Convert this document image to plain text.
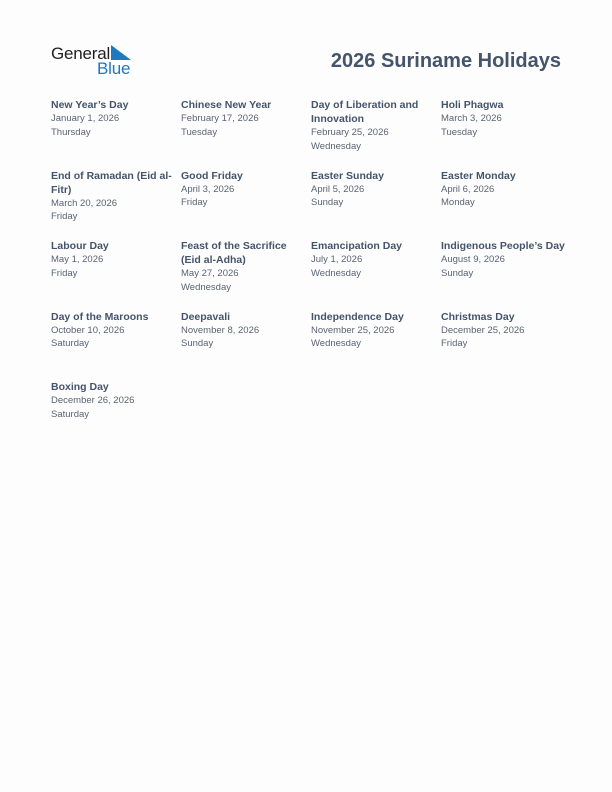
General
Blue	2026 Suriname Holidays
New Year’s Day
January 1, 2026
Thursday
Chinese New Year
February 17, 2026
Tuesday
Day of Liberation and Innovation
February 25, 2026
Wednesday
Holi Phagwa
March 3, 2026
Tuesday
End of Ramadan (Eid al-Fitr)
March 20, 2026
Friday
Good Friday
April 3, 2026
Friday
Easter Sunday
April 5, 2026
Sunday
Easter Monday
April 6, 2026
Monday
Labour Day
May 1, 2026
Friday
Feast of the Sacrifice (Eid al-Adha)
May 27, 2026
Wednesday
Emancipation Day
July 1, 2026
Wednesday
Indigenous People’s Day
August 9, 2026
Sunday
Day of the Maroons
October 10, 2026
Saturday
Deepavali
November 8, 2026
Sunday
Independence Day
November 25, 2026
Wednesday
Christmas Day
December 25, 2026
Friday
Boxing Day
December 26, 2026
Saturday
